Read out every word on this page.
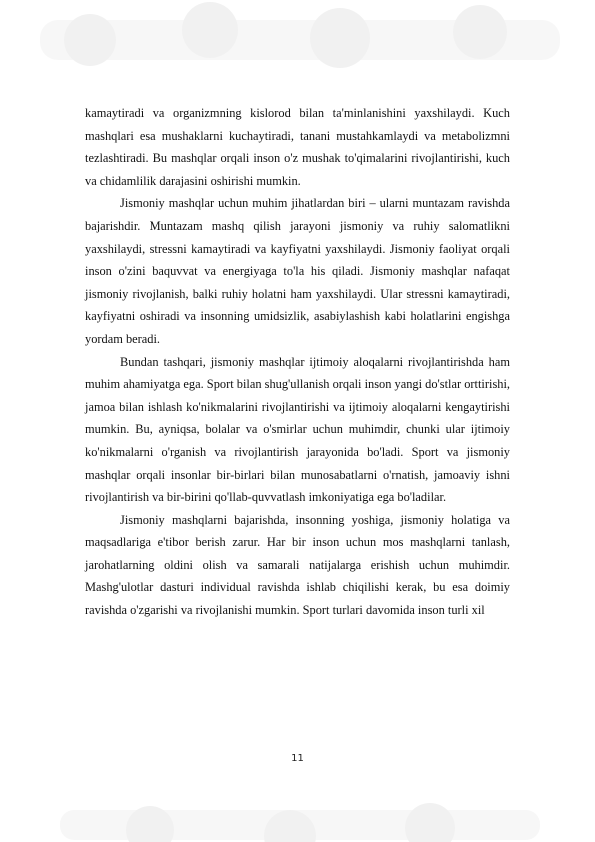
kamaytiradi va organizmning kislorod bilan ta'minlanishini yaxshilaydi. Kuch mashqlari esa mushaklarni kuchaytiradi, tanani mustahkamlaydi va metabolizmni tezlashtiradi. Bu mashqlar orqali inson o'z mushak to'qimalarini rivojlantirishi, kuch va chidamlilik darajasini oshirishi mumkin.

Jismoniy mashqlar uchun muhim jihatlardan biri – ularni muntazam ravishda bajarishdir. Muntazam mashq qilish jarayoni jismoniy va ruhiy salomatlikni yaxshilaydi, stressni kamaytiradi va kayfiyatni yaxshilaydi. Jismoniy faoliyat orqali inson o'zini baquvvat va energiyaga to'la his qiladi. Jismoniy mashqlar nafaqat jismoniy rivojlanish, balki ruhiy holatni ham yaxshilaydi. Ular stressni kamaytiradi, kayfiyatni oshiradi va insonning umidsizlik, asabiylashish kabi holatlarini engishga yordam beradi.

Bundan tashqari, jismoniy mashqlar ijtimoiy aloqalarni rivojlantirishda ham muhim ahamiyatga ega. Sport bilan shug'ullanish orqali inson yangi do'stlar orttirishi, jamoa bilan ishlash ko'nikmalarini rivojlantirishi va ijtimoiy aloqalarni kengaytirishi mumkin. Bu, ayniqsa, bolalar va o'smirlar uchun muhimdir, chunki ular ijtimoiy ko'nikmalarni o'rganish va rivojlantirish jarayonida bo'ladi. Sport va jismoniy mashqlar orqali insonlar bir-birlari bilan munosabatlarni o'rnatish, jamoaviy ishni rivojlantirish va bir-birini qo'llab-quvvatlash imkoniyatiga ega bo'ladilar.

Jismoniy mashqlarni bajarishda, insonning yoshiga, jismoniy holatiga va maqsadlariga e'tibor berish zarur. Har bir inson uchun mos mashqlarni tanlash, jarohatlarning oldini olish va samarali natijalarga erishish uchun muhimdir. Mashg'ulotlar dasturi individual ravishda ishlab chiqilishi kerak, bu esa doimiy ravishda o'zgarishi va rivojlanishi mumkin. Sport turlari davomida inson turli xil

11
